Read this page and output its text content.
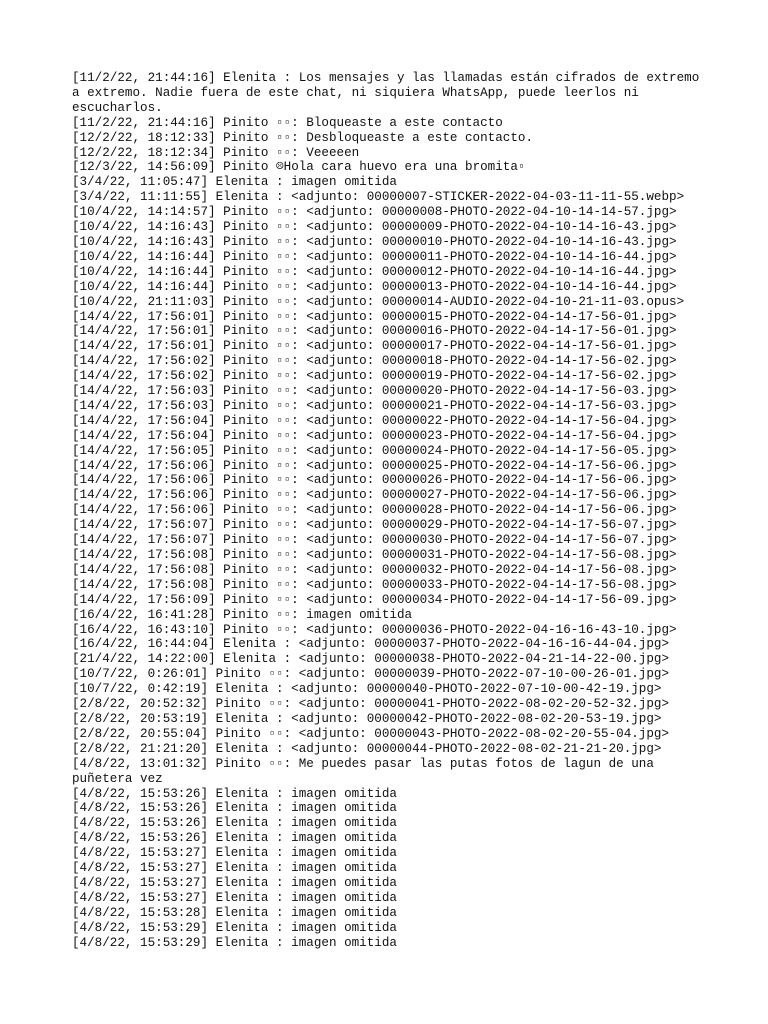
[11/2/22, 21:44:16] Elenita : Los mensajes y las llamadas están cifrados de extremo
a extremo. Nadie fuera de este chat, ni siquiera WhatsApp, puede leerlos ni
escucharlos.
[11/2/22, 21:44:16] Pinito ▫▫: Bloqueaste a este contacto
[12/2/22, 18:12:33] Pinito ▫▫: Desbloqueaste a este contacto.
[12/2/22, 18:12:34] Pinito ▫▫: Veeeeen
[12/3/22, 14:56:09] Pinito ☹Hola cara huevo era una bromita▫
[3/4/22, 11:05:47] Elenita : imagen omitida
[3/4/22, 11:11:55] Elenita : <adjunto: 00000007-STICKER-2022-04-03-11-11-55.webp>
[10/4/22, 14:14:57] Pinito ▫▫: <adjunto: 00000008-PHOTO-2022-04-10-14-14-57.jpg>
[10/4/22, 14:16:43] Pinito ▫▫: <adjunto: 00000009-PHOTO-2022-04-10-14-16-43.jpg>
[10/4/22, 14:16:43] Pinito ▫▫: <adjunto: 00000010-PHOTO-2022-04-10-14-16-43.jpg>
[10/4/22, 14:16:44] Pinito ▫▫: <adjunto: 00000011-PHOTO-2022-04-10-14-16-44.jpg>
[10/4/22, 14:16:44] Pinito ▫▫: <adjunto: 00000012-PHOTO-2022-04-10-14-16-44.jpg>
[10/4/22, 14:16:44] Pinito ▫▫: <adjunto: 00000013-PHOTO-2022-04-10-14-16-44.jpg>
[10/4/22, 21:11:03] Pinito ▫▫: <adjunto: 00000014-AUDIO-2022-04-10-21-11-03.opus>
[14/4/22, 17:56:01] Pinito ▫▫: <adjunto: 00000015-PHOTO-2022-04-14-17-56-01.jpg>
[14/4/22, 17:56:01] Pinito ▫▫: <adjunto: 00000016-PHOTO-2022-04-14-17-56-01.jpg>
[14/4/22, 17:56:01] Pinito ▫▫: <adjunto: 00000017-PHOTO-2022-04-14-17-56-01.jpg>
[14/4/22, 17:56:02] Pinito ▫▫: <adjunto: 00000018-PHOTO-2022-04-14-17-56-02.jpg>
[14/4/22, 17:56:02] Pinito ▫▫: <adjunto: 00000019-PHOTO-2022-04-14-17-56-02.jpg>
[14/4/22, 17:56:03] Pinito ▫▫: <adjunto: 00000020-PHOTO-2022-04-14-17-56-03.jpg>
[14/4/22, 17:56:03] Pinito ▫▫: <adjunto: 00000021-PHOTO-2022-04-14-17-56-03.jpg>
[14/4/22, 17:56:04] Pinito ▫▫: <adjunto: 00000022-PHOTO-2022-04-14-17-56-04.jpg>
[14/4/22, 17:56:04] Pinito ▫▫: <adjunto: 00000023-PHOTO-2022-04-14-17-56-04.jpg>
[14/4/22, 17:56:05] Pinito ▫▫: <adjunto: 00000024-PHOTO-2022-04-14-17-56-05.jpg>
[14/4/22, 17:56:06] Pinito ▫▫: <adjunto: 00000025-PHOTO-2022-04-14-17-56-06.jpg>
[14/4/22, 17:56:06] Pinito ▫▫: <adjunto: 00000026-PHOTO-2022-04-14-17-56-06.jpg>
[14/4/22, 17:56:06] Pinito ▫▫: <adjunto: 00000027-PHOTO-2022-04-14-17-56-06.jpg>
[14/4/22, 17:56:06] Pinito ▫▫: <adjunto: 00000028-PHOTO-2022-04-14-17-56-06.jpg>
[14/4/22, 17:56:07] Pinito ▫▫: <adjunto: 00000029-PHOTO-2022-04-14-17-56-07.jpg>
[14/4/22, 17:56:07] Pinito ▫▫: <adjunto: 00000030-PHOTO-2022-04-14-17-56-07.jpg>
[14/4/22, 17:56:08] Pinito ▫▫: <adjunto: 00000031-PHOTO-2022-04-14-17-56-08.jpg>
[14/4/22, 17:56:08] Pinito ▫▫: <adjunto: 00000032-PHOTO-2022-04-14-17-56-08.jpg>
[14/4/22, 17:56:08] Pinito ▫▫: <adjunto: 00000033-PHOTO-2022-04-14-17-56-08.jpg>
[14/4/22, 17:56:09] Pinito ▫▫: <adjunto: 00000034-PHOTO-2022-04-14-17-56-09.jpg>
[16/4/22, 16:41:28] Pinito ▫▫: imagen omitida
[16/4/22, 16:43:10] Pinito ▫▫: <adjunto: 00000036-PHOTO-2022-04-16-16-43-10.jpg>
[16/4/22, 16:44:04] Elenita : <adjunto: 00000037-PHOTO-2022-04-16-16-44-04.jpg>
[21/4/22, 14:22:00] Elenita : <adjunto: 00000038-PHOTO-2022-04-21-14-22-00.jpg>
[10/7/22, 0:26:01] Pinito ▫▫: <adjunto: 00000039-PHOTO-2022-07-10-00-26-01.jpg>
[10/7/22, 0:42:19] Elenita : <adjunto: 00000040-PHOTO-2022-07-10-00-42-19.jpg>
[2/8/22, 20:52:32] Pinito ▫▫: <adjunto: 00000041-PHOTO-2022-08-02-20-52-32.jpg>
[2/8/22, 20:53:19] Elenita : <adjunto: 00000042-PHOTO-2022-08-02-20-53-19.jpg>
[2/8/22, 20:55:04] Pinito ▫▫: <adjunto: 00000043-PHOTO-2022-08-02-20-55-04.jpg>
[2/8/22, 21:21:20] Elenita : <adjunto: 00000044-PHOTO-2022-08-02-21-21-20.jpg>
[4/8/22, 13:01:32] Pinito ▫▫: Me puedes pasar las putas fotos de lagun de una
puñetera vez
[4/8/22, 15:53:26] Elenita : imagen omitida
[4/8/22, 15:53:26] Elenita : imagen omitida
[4/8/22, 15:53:26] Elenita : imagen omitida
[4/8/22, 15:53:26] Elenita : imagen omitida
[4/8/22, 15:53:27] Elenita : imagen omitida
[4/8/22, 15:53:27] Elenita : imagen omitida
[4/8/22, 15:53:27] Elenita : imagen omitida
[4/8/22, 15:53:27] Elenita : imagen omitida
[4/8/22, 15:53:28] Elenita : imagen omitida
[4/8/22, 15:53:29] Elenita : imagen omitida
[4/8/22, 15:53:29] Elenita : imagen omitida
